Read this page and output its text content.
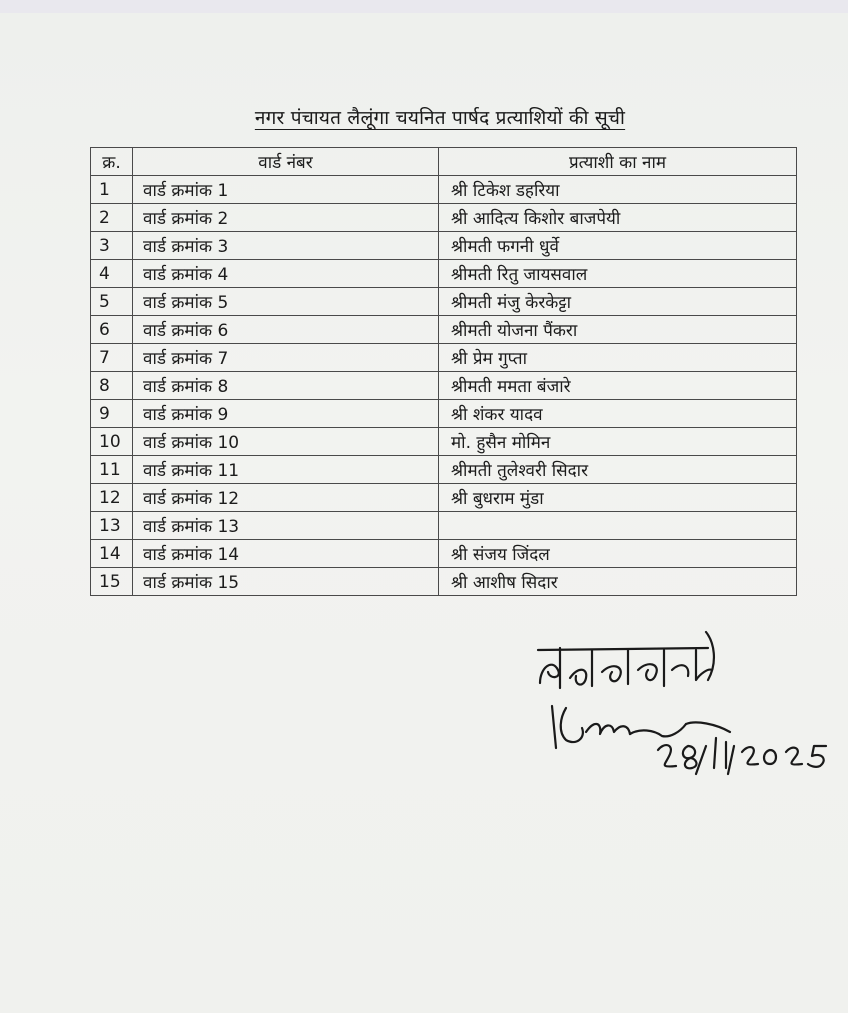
नगर पंचायत लैलूंगा चयनित पार्षद प्रत्याशियों की सूची
क्र.	वार्ड नंबर	प्रत्याशी का नाम
1	वार्ड क्रमांक 1	श्री टिकेश डहरिया
2	वार्ड क्रमांक 2	श्री आदित्य किशोर बाजपेयी
3	वार्ड क्रमांक 3	श्रीमती फगनी धुर्वे
4	वार्ड क्रमांक 4	श्रीमती रितु जायसवाल
5	वार्ड क्रमांक 5	श्रीमती मंजु केरकेट्टा
6	वार्ड क्रमांक 6	श्रीमती योजना पैंकरा
7	वार्ड क्रमांक 7	श्री प्रेम गुप्ता
8	वार्ड क्रमांक 8	श्रीमती ममता बंजारे
9	वार्ड क्रमांक 9	श्री शंकर यादव
10	वार्ड क्रमांक 10	मो. हुसैन मोमिन
11	वार्ड क्रमांक 11	श्रीमती तुलेश्वरी सिदार
12	वार्ड क्रमांक 12	श्री बुधराम मुंडा
13	वार्ड क्रमांक 13	
14	वार्ड क्रमांक 14	श्री संजय जिंदल
15	वार्ड क्रमांक 15	श्री आशीष सिदार
